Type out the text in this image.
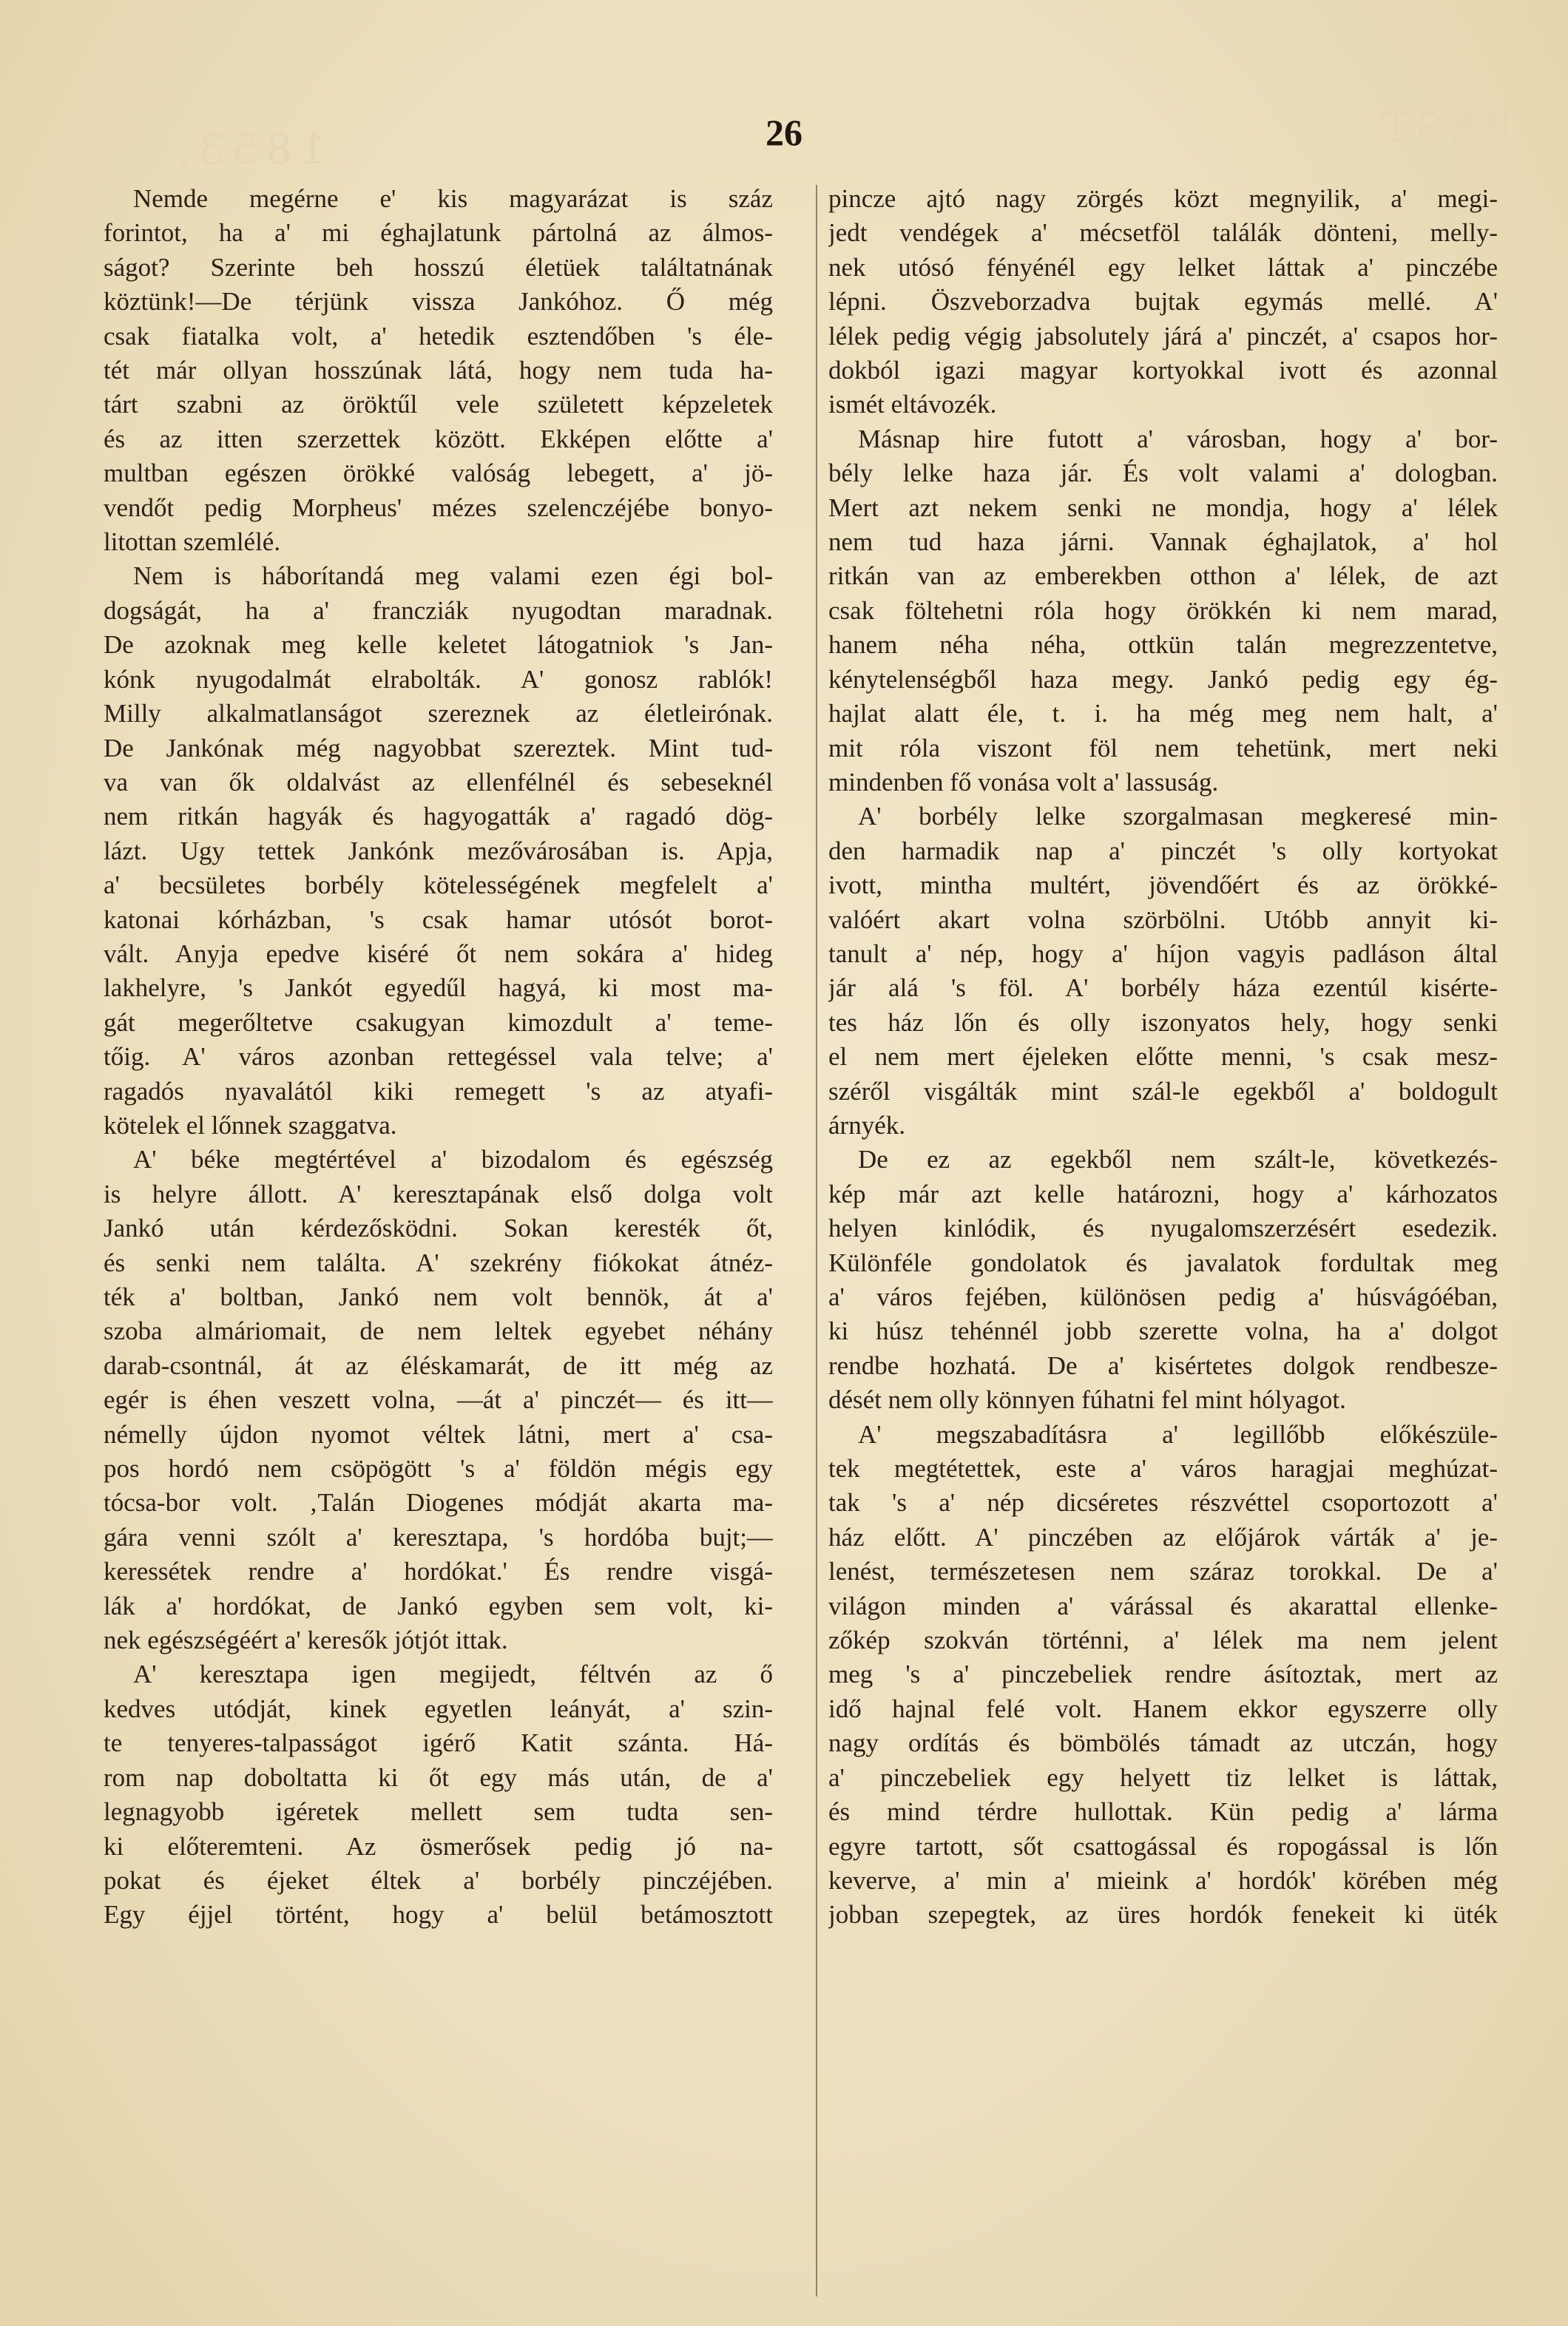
1853.	PEST
26

Nemde megérne e' kis magyarázat is száz

forintot, ha a' mi éghajlatunk pártolná az álmos-

ságot? Szerinte beh hosszú életüek találtatnának

köztünk!—De térjünk vissza Jankóhoz. Ő még

csak fiatalka volt, a' hetedik esztendőben 's éle-

tét már ollyan hosszúnak látá, hogy nem tuda ha-

tárt szabni az öröktűl vele született képzeletek

és az itten szerzettek között. Ekképen előtte a'

multban egészen örökké valóság lebegett, a' jö-

vendőt pedig Morpheus' mézes szelenczéjébe bonyo-

litottan szemlélé.

Nem is háborítandá meg valami ezen égi bol-

dogságát, ha a' francziák nyugodtan maradnak.

De azoknak meg kelle keletet látogatniok 's Jan-

kónk nyugodalmát elrabolták. A' gonosz rablók!

Milly alkalmatlanságot szereznek az életleirónak.

De Jankónak még nagyobbat szereztek. Mint tud-

va van ők oldalvást az ellenfélnél és sebeseknél

nem ritkán hagyák és hagyogatták a' ragadó dög-

lázt. Ugy tettek Jankónk mezővárosában is. Apja,

a' becsületes borbély kötelességének megfelelt a'

katonai kórházban, 's csak hamar utósót borot-

vált. Anyja epedve kiséré őt nem sokára a' hideg

lakhelyre, 's Jankót egyedűl hagyá, ki most ma-

gát megerőltetve csakugyan kimozdult a' teme-

tőig. A' város azonban rettegéssel vala telve; a'

ragadós nyavalától kiki remegett 's az atyafi-

kötelek el lőnnek szaggatva.

A' béke megtértével a' bizodalom és egészség

is helyre állott. A' keresztapának első dolga volt

Jankó után kérdezősködni. Sokan keresték őt,

és senki nem találta. A' szekrény fiókokat átnéz-

ték a' boltban, Jankó nem volt bennök, át a'

szoba almáriomait, de nem leltek egyebet néhány

darab-csontnál, át az éléskamarát, de itt még az

egér is éhen veszett volna, —át a' pinczét— és itt—

némelly újdon nyomot véltek látni, mert a' csa-

pos hordó nem csöpögött 's a' földön mégis egy

tócsa-bor volt. ‚Talán Diogenes módját akarta ma-

gára venni szólt a' keresztapa, 's hordóba bujt;—

keressétek rendre a' hordókat.' És rendre visgá-

lák a' hordókat, de Jankó egyben sem volt, ki-

nek egészségéért a' keresők jótjót ittak.

A' keresztapa igen megijedt, féltvén az ő

kedves utódját, kinek egyetlen leányát, a' szin-

te tenyeres-talpasságot igérő Katit szánta. Há-

rom nap doboltatta ki őt egy más után, de a'

legnagyobb igéretek mellett sem tudta sen-

ki előteremteni. Az ösmerősek pedig jó na-

pokat és éjeket éltek a' borbély pinczéjében.

Egy éjjel történt, hogy a' belül betámosztott

pincze ajtó nagy zörgés közt megnyilik, a' megi-

jedt vendégek a' mécsetföl találák dönteni, melly-

nek utósó fényénél egy lelket láttak a' pinczébe

lépni. Öszveborzadva bujtak egymás mellé. A'

lélek pedig végig jabsolutely járá a' pinczét, a' csapos hor-

dokból igazi magyar kortyokkal ivott és azonnal

ismét eltávozék.

Másnap hire futott a' városban, hogy a' bor-

bély lelke haza jár. És volt valami a' dologban.

Mert azt nekem senki ne mondja, hogy a' lélek

nem tud haza járni. Vannak éghajlatok, a' hol

ritkán van az emberekben otthon a' lélek, de azt

csak föltehetni róla hogy örökkén ki nem marad,

hanem néha néha, ottkün talán megrezzentetve,

kénytelenségből haza megy. Jankó pedig egy ég-

hajlat alatt éle, t. i. ha még meg nem halt, a'

mit róla viszont föl nem tehetünk, mert neki

mindenben fő vonása volt a' lassuság.

A' borbély lelke szorgalmasan megkeresé min-

den harmadik nap a' pinczét 's olly kortyokat

ivott, mintha multért, jövendőért és az örökké-

valóért akart volna szörbölni. Utóbb annyit ki-

tanult a' nép, hogy a' híjon vagyis padláson által

jár alá 's föl. A' borbély háza ezentúl kisérte-

tes ház lőn és olly iszonyatos hely, hogy senki

el nem mert éjeleken előtte menni, 's csak mesz-

széről visgálták mint szál-le egekből a' boldogult

árnyék.

De ez az egekből nem szált-le, következés-

kép már azt kelle határozni, hogy a' kárhozatos

helyen kinlódik, és nyugalomszerzésért esedezik.

Különféle gondolatok és javalatok fordultak meg

a' város fejében, különösen pedig a' húsvágóéban,

ki húsz tehénnél jobb szerette volna, ha a' dolgot

rendbe hozhatá. De a' kisértetes dolgok rendbesze-

dését nem olly könnyen fúhatni fel mint hólyagot.

A' megszabadításra a' legillőbb előkészüle-

tek megtétettek, este a' város haragjai meghúzat-

tak 's a' nép dicséretes részvéttel csoportozott a'

ház előtt. A' pinczében az előjárok várták a' je-

lenést, természetesen nem száraz torokkal. De a'

világon minden a' várással és akarattal ellenke-

zőkép szokván történni, a' lélek ma nem jelent

meg 's a' pinczebeliek rendre ásítoztak, mert az

idő hajnal felé volt. Hanem ekkor egyszerre olly

nagy ordítás és bömbölés támadt az utczán, hogy

a' pinczebeliek egy helyett tiz lelket is láttak,

és mind térdre hullottak. Kün pedig a' lárma

egyre tartott, sőt csattogással és ropogással is lőn

keverve, a' min a' mieink a' hordók' körében még

jobban szepegtek, az üres hordók fenekeit ki üték
